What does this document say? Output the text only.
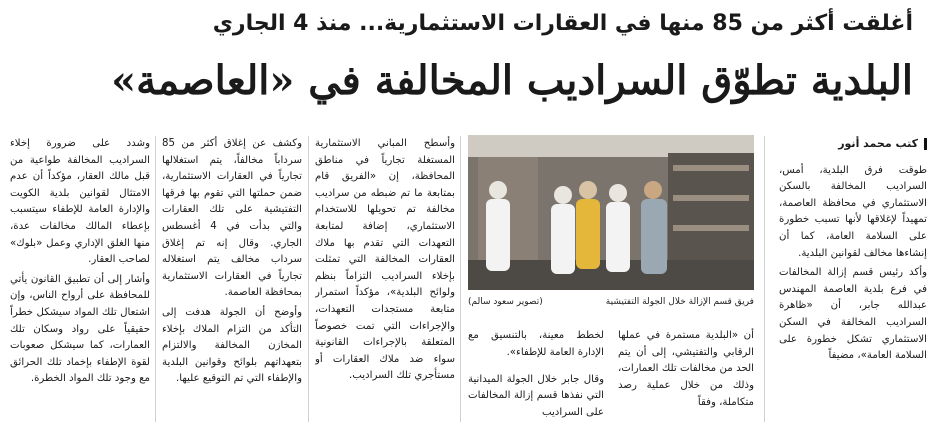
أغلقت أكثر من 85 منها في العقارات الاستثمارية... منذ 4 الجاري
البلدية تطوّق السراديب المخالفة في «العاصمة»
كتب محمد أنور

طوقت فرق البلدية، أمس، السراديب المخالفة بالسكن الاستثماري في محافظة العاصمة، تمهيداً لإغلاقها لأنها تسبب خطورة على السلامة العامة، كما أن إنشاءها مخالف لقوانين البلدية.

وأكد رئيس قسم إزالة المخالفات في فرع بلدية العاصمة المهندس عبدالله جابر، أن «ظاهرة السراديب المخالفة في السكن الاستثماري تشكل خطورة على السلامة العامة»، مضيفاً

فريق قسم الإزالة خلال الجولة التفتيشية
(تصوير سعود سالم)

أن «البلدية مستمرة في عملها الرقابي والتفتيشي، إلى أن يتم الحد من مخالفات تلك العمارات، وذلك من خلال عملية رصد متكاملة، وفقاً

لخطط معينة، بالتنسيق مع الإدارة العامة للإطفاء».

وقال جابر خلال الجولة الميدانية التي نفذها قسم إزالة المخالفات على السراديب

وأسطح المباني الاستثمارية المستغلة تجارياً في مناطق المحافظة، إن «الفريق قام بمتابعة ما تم ضبطه من سراديب مخالفة تم تحويلها للاستخدام الاستثماري، إضافة لمتابعة التعهدات التي تقدم بها ملاك العقارات المخالفة التي تمثلت بإخلاء السراديب التزاماً بنظم ولوائح البلدية»، مؤكداً استمرار متابعة مستجدات التعهدات، والإجراءات التي تمت خصوصاً المتعلقة بالإجراءات القانونية سواء ضد ملاك العقارات أو مستأجري تلك السراديب.

وكشف عن إغلاق أكثر من 85 سرداباً مخالفاً، يتم استغلالها تجارياً في العقارات الاستثمارية، ضمن حملتها التي تقوم بها فرقها التفتيشية على تلك العقارات والتي بدأت في 4 أغسطس الجاري. وقال إنه تم إغلاق سرداب مخالف يتم استغلاله تجارياً في العقارات الاستثمارية بمحافظة العاصمة.

وأوضح أن الجولة هدفت إلى التأكد من التزام الملاك بإخلاء المخازن المخالفة والالتزام بتعهداتهم بلوائح وقوانين البلدية والإطفاء التي تم التوقيع عليها.

وشدد على ضرورة إخلاء السراديب المخالفة طواعية من قبل مالك العقار، مؤكداً أن عدم الامتثال لقوانين بلدية الكويت والإدارة العامة للإطفاء سيتسبب بإعطاء المالك مخالفات عدة، منها الغلق الإداري وعمل «بلوك» لصاحب العقار.

وأشار إلى أن تطبيق القانون يأتي للمحافظة على أرواح الناس، وإن اشتعال تلك المواد سيشكل خطراً حقيقياً على رواد وسكان تلك العمارات، كما سيشكل صعوبات لقوة الإطفاء بإخماد تلك الحرائق مع وجود تلك المواد الخطرة.
